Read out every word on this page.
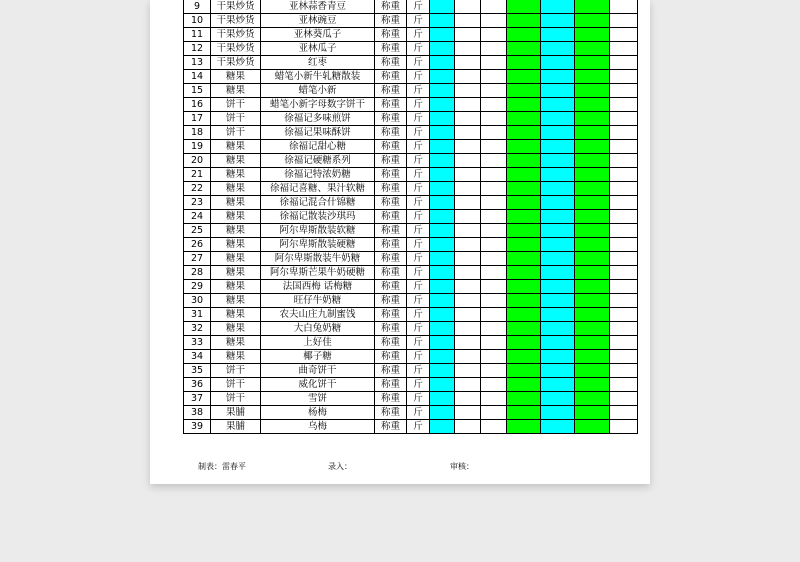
9	干果炒货	亚林蒜香青豆	称重	斤							
10	干果炒货	亚林豌豆	称重	斤							
11	干果炒货	亚林葵瓜子	称重	斤							
12	干果炒货	亚林瓜子	称重	斤							
13	干果炒货	红枣	称重	斤							
14	糖果	蜡笔小新牛轧糖散装	称重	斤							
15	糖果	蜡笔小新	称重	斤							
16	饼干	蜡笔小新字母数字饼干	称重	斤							
17	饼干	徐福记多味煎饼	称重	斤							
18	饼干	徐福记果味酥饼	称重	斤							
19	糖果	徐福记甜心糖	称重	斤							
20	糖果	徐福记硬糖系列	称重	斤							
21	糖果	徐福记特浓奶糖	称重	斤							
22	糖果	徐福记喜糖、果汁软糖	称重	斤							
23	糖果	徐福记混合什锦糖	称重	斤							
24	糖果	徐福记散装沙琪玛	称重	斤							
25	糖果	阿尔卑斯散装软糖	称重	斤							
26	糖果	阿尔卑斯散装硬糖	称重	斤							
27	糖果	阿尔卑斯散装牛奶糖	称重	斤							
28	糖果	阿尔卑斯芒果牛奶硬糖	称重	斤							
29	糖果	法国西梅 话梅糖	称重	斤							
30	糖果	旺仔牛奶糖	称重	斤							
31	糖果	农夫山庄九制蜜饯	称重	斤							
32	糖果	大白兔奶糖	称重	斤							
33	糖果	上好佳	称重	斤							
34	糖果	椰子糖	称重	斤							
35	饼干	曲奇饼干	称重	斤							
36	饼干	威化饼干	称重	斤							
37	饼干	雪饼	称重	斤							
38	果脯	杨梅	称重	斤							
39	果脯	乌梅	称重	斤							
制表： 雷春平	录入：	审核：
